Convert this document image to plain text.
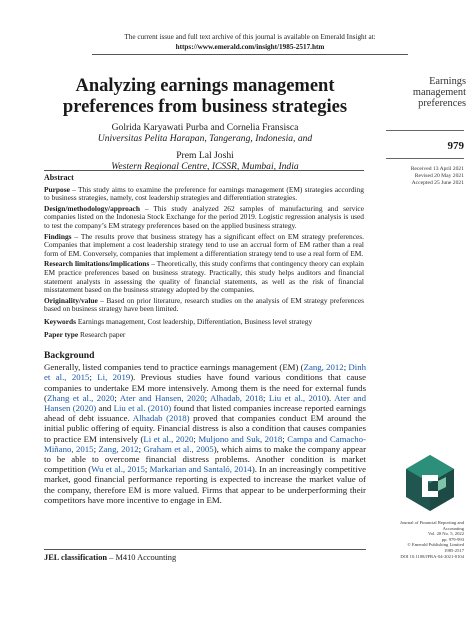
The current issue and full text archive of this journal is available on Emerald Insight at:
https://www.emerald.com/insight/1985-2517.htm
Analyzing earnings management preferences from business strategies
Golrida Karyawati Purba and Cornelia Fransisca
Universitas Pelita Harapan, Tangerang, Indonesia, and
Prem Lal Joshi
Western Regional Centre, ICSSR, Mumbai, India
Earnings management preferences
979
Received 13 April 2021
Revised 20 May 2021
Accepted 25 June 2021
Abstract
Purpose – This study aims to examine the preference for earnings management (EM) strategies according to business strategies, namely, cost leadership strategies and differentiation strategies.
Design/methodology/approach – This study analyzed 262 samples of manufacturing and service companies listed on the Indonesia Stock Exchange for the period 2019. Logistic regression analysis is used to test the company’s EM strategy preferences based on the applied business strategy.
Findings – The results prove that business strategy has a significant effect on EM strategy preferences. Companies that implement a cost leadership strategy tend to use an accrual form of EM rather than a real form of EM. Conversely, companies that implement a differentiation strategy tend to use a real form of EM.
Research limitations/implications – Theoretically, this study confirms that contingency theory can explain EM practice preferences based on business strategy. Practically, this study helps auditors and financial statement analysts in assessing the quality of financial statements, as well as the risk of financial misstatement based on the business strategy adopted by the companies.
Originality/value – Based on prior literature, research studies on the analysis of EM strategy preferences based on business strategy have been limited.
Keywords Earnings management, Cost leadership, Differentiation, Business level strategy
Paper type Research paper
Background

Generally, listed companies tend to practice earnings management (EM) (Zang, 2012; Dinh et al., 2015; Li, 2019). Previous studies have found various conditions that cause companies to undertake EM more intensively. Among them is the need for external funds (Zhang et al., 2020; Ater and Hansen, 2020; Alhadab, 2018; Liu et al., 2010). Ater and Hansen (2020) and Liu et al. (2010) found that listed companies increase reported earnings ahead of debt issuance. Alhadab (2018) proved that companies conduct EM around the initial public offering of equity. Financial distress is also a condition that causes companies to practice EM intensively (Li et al., 2020; Muljono and Suk, 2018; Campa and Camacho-Miñano, 2015; Zang, 2012; Graham et al., 2005), which aims to make the company appear to be able to overcome financial distress problems. Another condition is market competition (Wu et al., 2015; Markarian and Santaló, 2014). In an increasingly competitive market, good financial performance reporting is expected to increase the market value of the company, therefore EM is more valued. Firms that appear to be underperforming their competitors have more incentive to engage in EM.

Journal of Financial Reporting and
Accounting
Vol. 20 No. 5, 2022
pp. 979-993
© Emerald Publishing Limited
1985-2517
DOI 10.1108/JFRA-04-2021-0104
JEL classification – M410 Accounting
